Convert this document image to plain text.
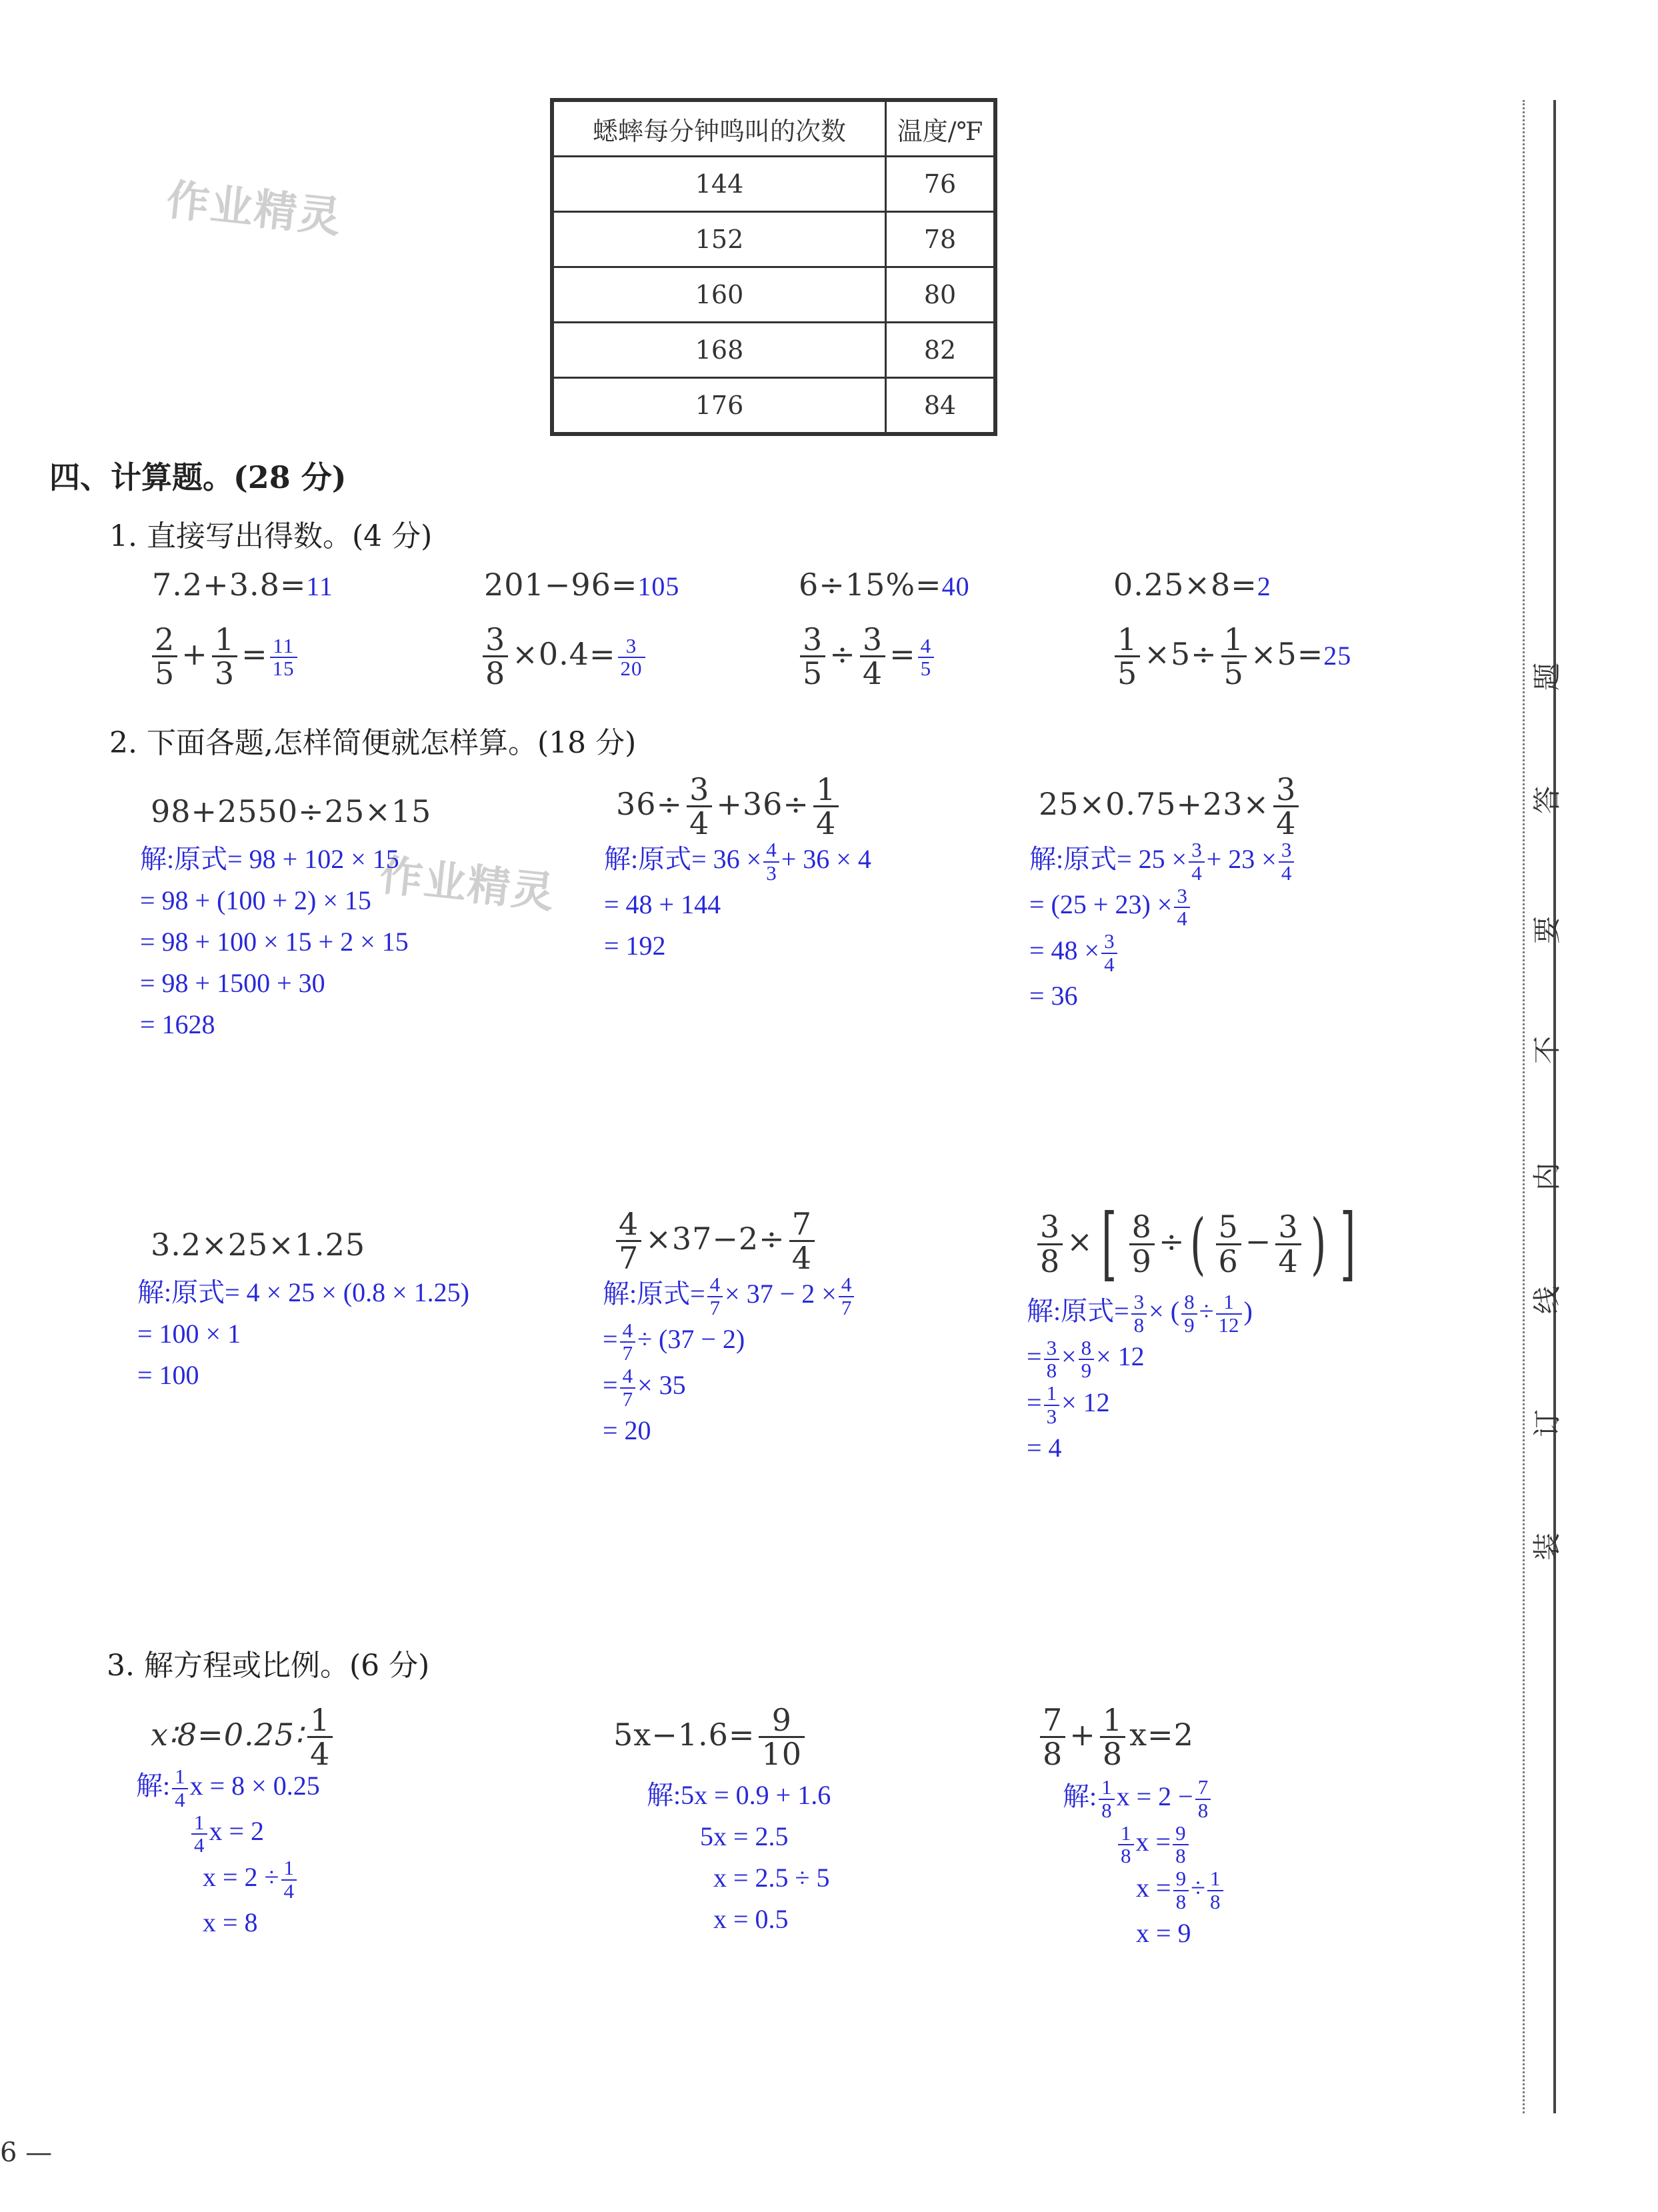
作业精灵
作业精灵
蟋蟀每分钟鸣叫的次数	温度/℉
144	76
152	78
160	80
168	82
176	84
四、计算题。(28 分)
1. 直接写出得数。(4 分)
7.2+3.8=11	201−96=105	6÷15%=40	0.25×8=2
$\frac{2}{5} + \frac{1}{3} = \frac{11}{15}$	$\frac{3}{8} \times 0.4= \frac{3}{20}$	$\frac{3}{5} \div \frac{3}{4} = \frac{4}{5}$	$\frac{1}{5} \times 5\div \frac{1}{5} \times 5=25$
2. 下面各题,怎样简便就怎样算。(18 分)
98+2550÷25×15
解:原式= 98 + 102 × 15
= 98 + (100 + 2) × 15
= 98 + 100 × 15 + 2 × 15
= 98 + 1500 + 30
= 1628
$36\div \frac{3}{4} +36\div \frac{1}{4}$
解:原式= $36 \times \frac{4}{3} + 36 \times 4$
= 48 + 144
= 192
$25\times 0.75+23\times \frac{3}{4}$
解:原式= $25 \times \frac{3}{4} + 23 \times \frac{3}{4}$
= $(25 + 23) \times \frac{3}{4}$
= $48 \times \frac{3}{4}$
= 36
3.2×25×1.25
解:原式= 4 × 25 × (0.8 × 1.25)
= 100 × 1
= 100
$\frac{4}{7} \times 37-2\div \frac{7}{4}$
解:原式= $\frac{4}{7} \times 37 - 2 \times \frac{4}{7}$
= $\frac{4}{7} \div (37 - 2)$
= $\frac{4}{7} \times 35$
= 20
$\frac{3}{8}$ ×[ $\frac{8}{9}$ ÷( $\frac{5}{6} - \frac{3}{4}$ ) ]
解:原式= $\frac{3}{8}$ × ( $\frac{8}{9} \div \frac{1}{12}$ )
= $\frac{3}{8} \times \frac{8}{9} \times 12$
= $\frac{1}{3} \times 12$
= 4
3. 解方程或比例。(6 分)
x∶8=0.25∶ $\frac{1}{4}$
解: $\frac{1}{4}$ x = 8 × 0.25
$\frac{1}{4}$ x = 2
$x = 2 \div \frac{1}{4}$
x = 8
$5x-1.6= \frac{9}{10}$
解:5x = 0.9 + 1.6
5x = 2.5
x = 2.5 ÷ 5
x = 0.5
$\frac{7}{8} + \frac{1}{8} x=2$
解: $\frac{1}{8}$ $x = 2 - \frac{7}{8}$
$\frac{1}{8}$ $x = \frac{9}{8}$
$x = \frac{9}{8} \div \frac{1}{8}$
x = 9
题
答
要
不
内
线
订
装
6 —
